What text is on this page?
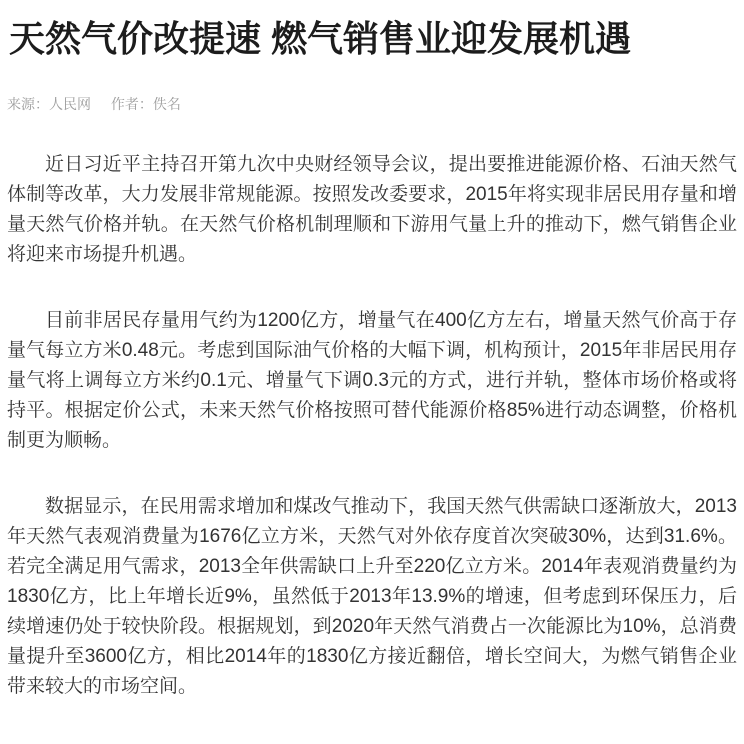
天然气价改提速 燃气销售业迎发展机遇
来源：人民网 作者：佚名

近日习近平主持召开第九次中央财经领导会议，提出要推进能源价格、石油天然气体制等改革，大力发展非常规能源。按照发改委要求，2015年将实现非居民用存量和增量天然气价格并轨。在天然气价格机制理顺和下游用气量上升的推动下，燃气销售企业将迎来市场提升机遇。

目前非居民存量用气约为1200亿方，增量气在400亿方左右，增量天然气价高于存量气每立方米0.48元。考虑到国际油气价格的大幅下调，机构预计，2015年非居民用存量气将上调每立方米约0.1元、增量气下调0.3元的方式，进行并轨，整体市场价格或将持平。根据定价公式，未来天然气价格按照可替代能源价格85%进行动态调整，价格机制更为顺畅。

数据显示，在民用需求增加和煤改气推动下，我国天然气供需缺口逐渐放大，2013年天然气表观消费量为1676亿立方米，天然气对外依存度首次突破30%，达到31.6%。若完全满足用气需求，2013全年供需缺口上升至220亿立方米。2014年表观消费量约为1830亿方，比上年增长近9%，虽然低于2013年13.9%的增速，但考虑到环保压力，后续增速仍处于较快阶段。根据规划，到2020年天然气消费占一次能源比为10%，总消费量提升至3600亿方，相比2014年的1830亿方接近翻倍，增长空间大，为燃气销售企业带来较大的市场空间。
